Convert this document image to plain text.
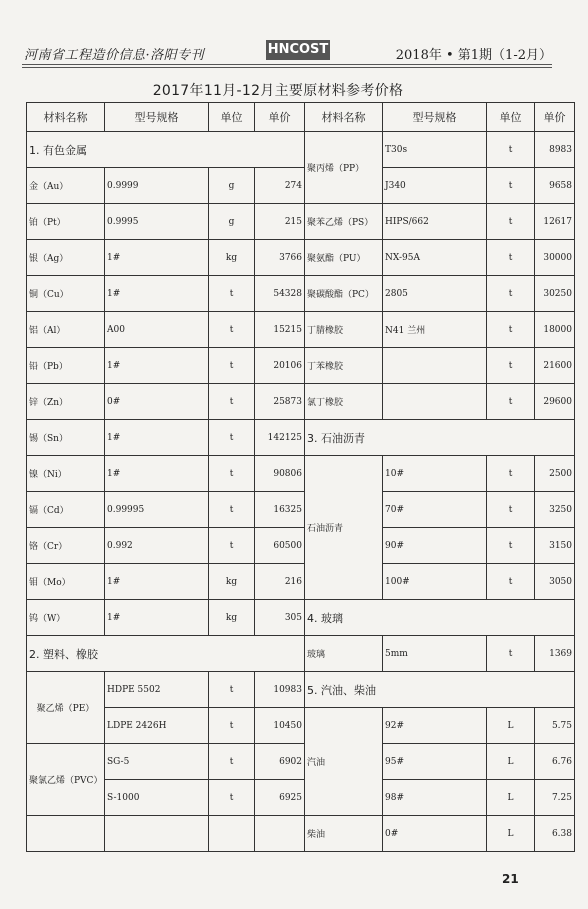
河南省工程造价信息·洛阳专刊	HNCOST	2018年 • 第1期（1-2月）
2017年11月-12月主要原材料参考价格
材料名称	型号规格	单位	单价	材料名称	型号规格	单位	单价
1. 有色金属				聚丙烯（PP）	T30s	t	8983
金（Au）	0.9999	g	274		J340	t	9658
铂（Pt）	0.9995	g	215	聚苯乙烯（PS）	HIPS/662	t	12617
银（Ag）	1#	kg	3766	聚氨酯（PU）	NX-95A	t	30000
铜（Cu）	1#	t	54328	聚碳酸酯（PC）	2805	t	30250
铝（Al）	A00	t	15215	丁腈橡胶	N41 兰州	t	18000
铅（Pb）	1#	t	20106	丁苯橡胶		t	21600
锌（Zn）	0#	t	25873	氯丁橡胶		t	29600
锡（Sn）	1#	t	142125	3. 石油沥青			
镍（Ni）	1#	t	90806	石油沥青	10#	t	2500
镉（Cd）	0.99995	t	16325		70#	t	3250
铬（Cr）	0.992	t	60500		90#	t	3150
钼（Mo）	1#	kg	216		100#	t	3050
钨（W）	1#	kg	305	4. 玻璃			
2. 塑料、橡胶				玻璃	5mm	t	1369
聚乙烯（PE）	HDPE 5502	t	10983	5. 汽油、柴油			
	LDPE 2426H	t	10450	汽油	92#	L	5.75
聚氯乙烯（PVC）	SG-5	t	6902		95#	L	6.76
	S-1000	t	6925		98#	L	7.25
				柴油	0#	L	6.38
21
